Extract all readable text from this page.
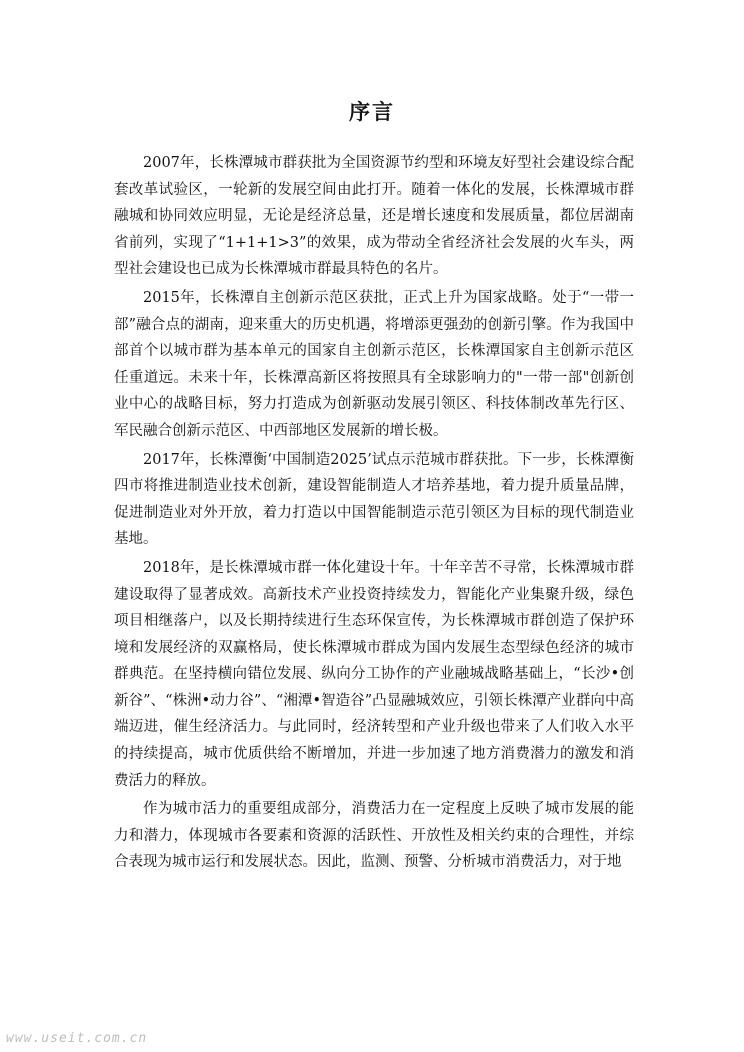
序言

2007年，长株潭城市群获批为全国资源节约型和环境友好型社会建设综合配套改革试验区，一轮新的发展空间由此打开。随着一体化的发展，长株潭城市群融城和协同效应明显，无论是经济总量，还是增长速度和发展质量，都位居湖南省前列，实现了“1+1+1>3”的效果，成为带动全省经济社会发展的火车头，两型社会建设也已成为长株潭城市群最具特色的名片。

2015年，长株潭自主创新示范区获批，正式上升为国家战略。处于“一带一部”融合点的湖南，迎来重大的历史机遇，将增添更强劲的创新引擎。作为我国中部首个以城市群为基本单元的国家自主创新示范区，长株潭国家自主创新示范区任重道远。未来十年，长株潭高新区将按照具有全球影响力的"一带一部"创新创业中心的战略目标，努力打造成为创新驱动发展引领区、科技体制改革先行区、军民融合创新示范区、中西部地区发展新的增长极。

2017年，长株潭衡‘中国制造2025’试点示范城市群获批。下一步，长株潭衡四市将推进制造业技术创新，建设智能制造人才培养基地，着力提升质量品牌，促进制造业对外开放，着力打造以中国智能制造示范引领区为目标的现代制造业基地。

2018年，是长株潭城市群一体化建设十年。十年辛苦不寻常，长株潭城市群建设取得了显著成效。高新技术产业投资持续发力，智能化产业集聚升级，绿色项目相继落户，以及长期持续进行生态环保宣传，为长株潭城市群创造了保护环境和发展经济的双赢格局，使长株潭城市群成为国内发展生态型绿色经济的城市群典范。在坚持横向错位发展、纵向分工协作的产业融城战略基础上，“长沙•创新谷”、“株洲•动力谷”、“湘潭•智造谷”凸显融城效应，引领长株潭产业群向中高端迈进，催生经济活力。与此同时，经济转型和产业升级也带来了人们收入水平的持续提高，城市优质供给不断增加，并进一步加速了地方消费潜力的激发和消费活力的释放。

作为城市活力的重要组成部分，消费活力在一定程度上反映了城市发展的能力和潜力，体现城市各要素和资源的活跃性、开放性及相关约束的合理性，并综合表现为城市运行和发展状态。因此，监测、预警、分析城市消费活力，对于地

www.useit.com.cn
